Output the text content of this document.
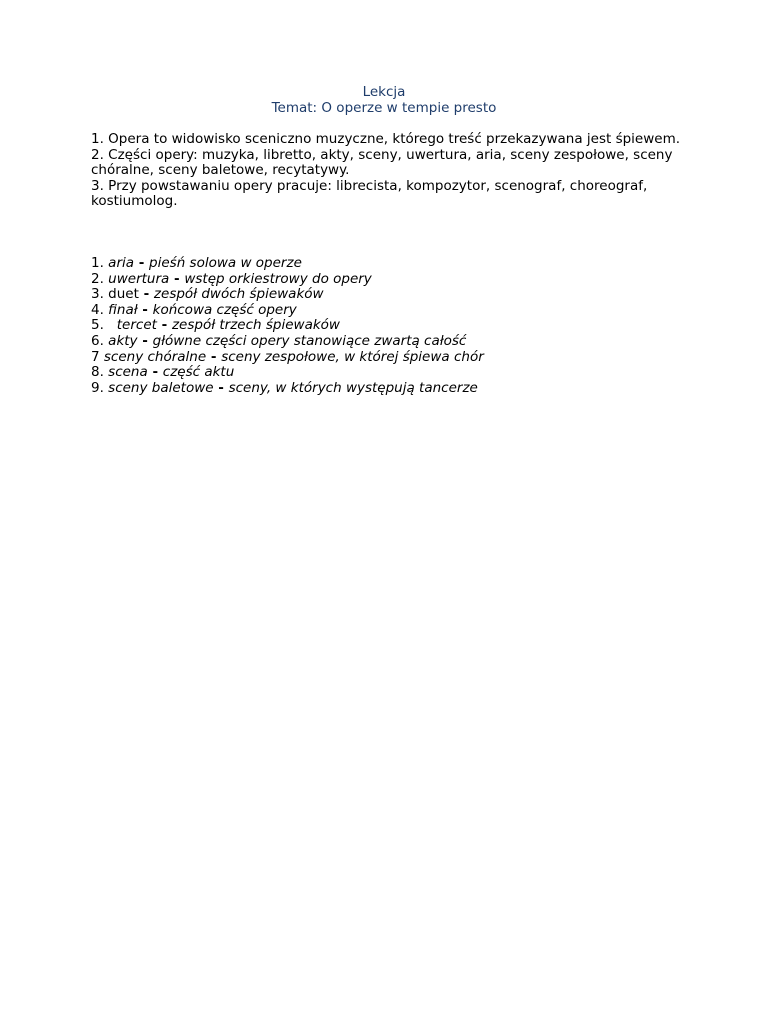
Lekcja
Temat: O operze w tempie presto

1. Opera to widowisko sceniczno muzyczne, którego treść przekazywana jest śpiewem.

2. Części opery: muzyka, libretto, akty, sceny, uwertura, aria, sceny zespołowe, sceny chóralne, sceny baletowe, recytatywy.

3. Przy powstawaniu opery pracuje: librecista, kompozytor, scenograf, choreograf, kostiumolog.

1. aria - pieśń solowa w operze
2. uwertura - wstęp orkiestrowy do opery
3. duet - zespół dwóch śpiewaków
4. finał - końcowa część opery
5.   tercet - zespół trzech śpiewaków
6. akty - główne części opery stanowiące zwartą całość
7 sceny chóralne - sceny zespołowe, w której śpiewa chór
8. scena - część aktu
9. sceny baletowe - sceny, w których występują tancerze
